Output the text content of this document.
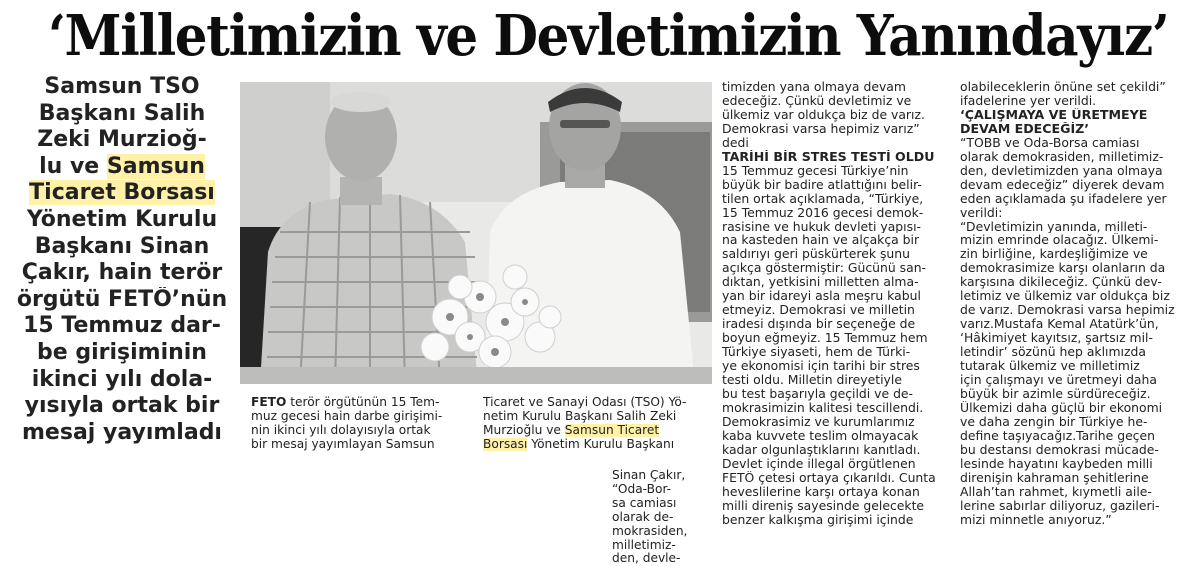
‘Milletimizin ve Devletimizin Yanındayız’
Samsun TSO
Başkanı Salih
Zeki Murzioğ-
lu ve Samsun
Ticaret Borsası
Yönetim Kurulu
Başkanı Sinan
Çakır, hain terör
örgütü FETÖ’nün
15 Temmuz dar-
be girişiminin
ikinci yılı dola-
yısıyla ortak bir
mesaj yayımladı
FETÖ terör örgütünün 15 Tem-
muz gecesi hain darbe girişimi-
nin ikinci yılı dolayısıyla ortak
bir mesaj yayımlayan Samsun
Ticaret ve Sanayi Odası (TSO) Yö-
netim Kurulu Başkanı Salih Zeki
Murzioğlu ve Samsun Ticaret
Borsası Yönetim Kurulu Başkanı
Sinan Çakır,
“Oda-Bor-
sa camiası
olarak de-
mokrasiden,
milletimiz-
den, devle-
timizden yana olmaya devam
edeceğiz. Çünkü devletimiz ve
ülkemiz var oldukça biz de varız.
Demokrasi varsa hepimiz varız”
dedi
TARİHİ BİR STRES TESTİ OLDU
15 Temmuz gecesi Türkiye’nin
büyük bir badire atlattığını belir-
tilen ortak açıklamada, “Türkiye,
15 Temmuz 2016 gecesi demok-
rasisine ve hukuk devleti yapısı-
na kasteden hain ve alçakça bir
saldırıyı geri püskürterek şunu
açıkça göstermiştir: Gücünü san-
dıktan, yetkisini milletten alma-
yan bir idareyi asla meşru kabul
etmeyiz. Demokrasi ve milletin
iradesi dışında bir seçeneğe de
boyun eğmeyiz. 15 Temmuz hem
Türkiye siyaseti, hem de Türki-
ye ekonomisi için tarihi bir stres
testi oldu. Milletin direyetiyle
bu test başarıyla geçildi ve de-
mokrasimizin kalitesi tescillendi.
Demokrasimiz ve kurumlarımız
kaba kuvvete teslim olmayacak
kadar olgunlaştıklarını kanıtladı.
Devlet içinde illegal örgütlenen
FETÖ çetesi ortaya çıkarıldı. Cunta
heveslilerine karşı ortaya konan
milli direniş sayesinde gelecekte
benzer kalkışma girişimi içinde
olabileceklerin önüne set çekildi”
ifadelerine yer verildi.
‘ÇALIŞMAYA VE ÜRETMEYE
DEVAM EDECEĞİZ’
“TOBB ve Oda-Borsa camiası
olarak demokrasiden, milletimiz-
den, devletimizden yana olmaya
devam edeceğiz” diyerek devam
eden açıklamada şu ifadelere yer
verildi:
“Devletimizin yanında, milleti-
mizin emrinde olacağız. Ülkemi-
zin birliğine, kardeşliğimize ve
demokrasimize karşı olanların da
karşısına dikileceğiz. Çünkü dev-
letimiz ve ülkemiz var oldukça biz
de varız. Demokrasi varsa hepimiz
varız.Mustafa Kemal Atatürk’ün,
‘Hâkimiyet kayıtsız, şartsız mil-
letindir’ sözünü hep aklımızda
tutarak ülkemiz ve milletimiz
için çalışmayı ve üretmeyi daha
büyük bir azimle sürdüreceğiz.
Ülkemizi daha güçlü bir ekonomi
ve daha zengin bir Türkiye he-
define taşıyacağız.Tarihe geçen
bu destansı demokrasi mücade-
lesinde hayatını kaybeden milli
direnişin kahraman şehitlerine
Allah’tan rahmet, kıymetli aile-
lerine sabırlar diliyoruz, gazileri-
mizi minnetle anıyoruz.”
